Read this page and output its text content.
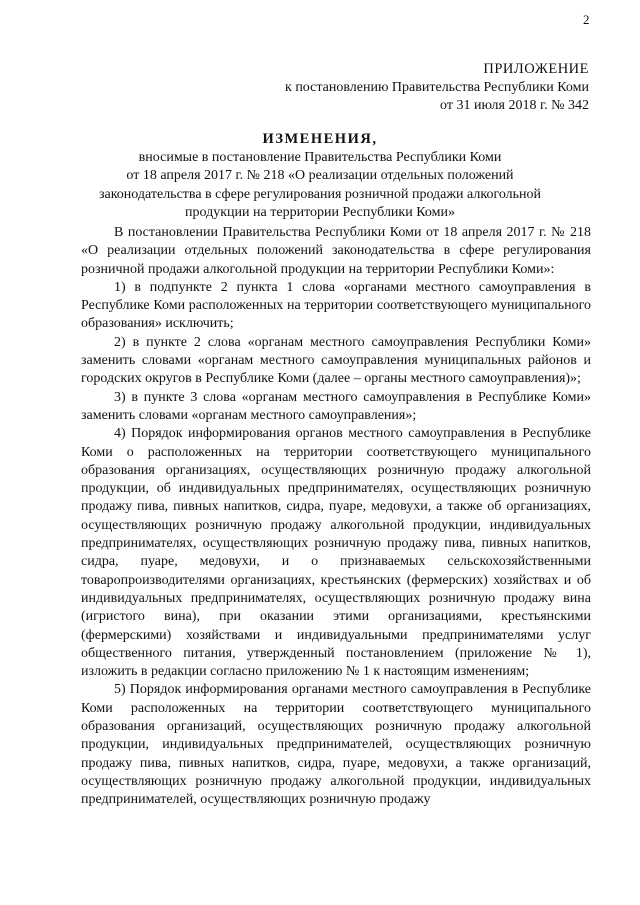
2
ПРИЛОЖЕНИЕ
к постановлению Правительства Республики Коми
от 31 июля 2018 г. № 342
ИЗМЕНЕНИЯ,
вносимые в постановление Правительства Республики Коми
от 18 апреля 2017 г. № 218 «О реализации отдельных положений
законодательства в сфере регулирования розничной продажи алкогольной
продукции на территории Республики Коми»

В постановлении Правительства Республики Коми от 18 апреля 2017 г. № 218 «О реализации отдельных положений законодательства в сфере регулирования розничной продажи алкогольной продукции на территории Республики Коми»:

1) в подпункте 2 пункта 1 слова «органами местного самоуправления в Республике Коми расположенных на территории соответствующего муниципального образования» исключить;

2) в пункте 2 слова «органам местного самоуправления Республики Коми» заменить словами «органам местного самоуправления муниципальных районов и городских округов в Республике Коми (далее – органы местного самоуправления)»;

3) в пункте 3 слова «органам местного самоуправления в Республике Коми» заменить словами «органам местного самоуправления»;

4) Порядок информирования органов местного самоуправления в Республике Коми о расположенных на территории соответствующего муниципального образования организациях, осуществляющих розничную продажу алкогольной продукции, об индивидуальных предпринимателях, осуществляющих розничную продажу пива, пивных напитков, сидра, пуаре, медовухи, а также об организациях, осуществляющих розничную продажу алкогольной продукции, индивидуальных предпринимателях, осуществляющих розничную продажу пива, пивных напитков, сидра, пуаре, медовухи, и о признаваемых сельскохозяйственными товаропроизводителями организациях, крестьянских (фермерских) хозяйствах и об индивидуальных предпринимателях, осуществляющих розничную продажу вина (игристого вина), при оказании этими организациями, крестьянскими (фермерскими) хозяйствами и индивидуальными предпринимателями услуг общественного питания, утвержденный постановлением (приложение № 1), изложить в редакции согласно приложению № 1 к настоящим изменениям;

5) Порядок информирования органами местного самоуправления в Республике Коми расположенных на территории соответствующего муниципального образования организаций, осуществляющих розничную продажу алкогольной продукции, индивидуальных предпринимателей, осуществляющих розничную продажу пива, пивных напитков, сидра, пуаре, медовухи, а также организаций, осуществляющих розничную продажу алкогольной продукции, индивидуальных предпринимателей, осуществляющих розничную продажу
